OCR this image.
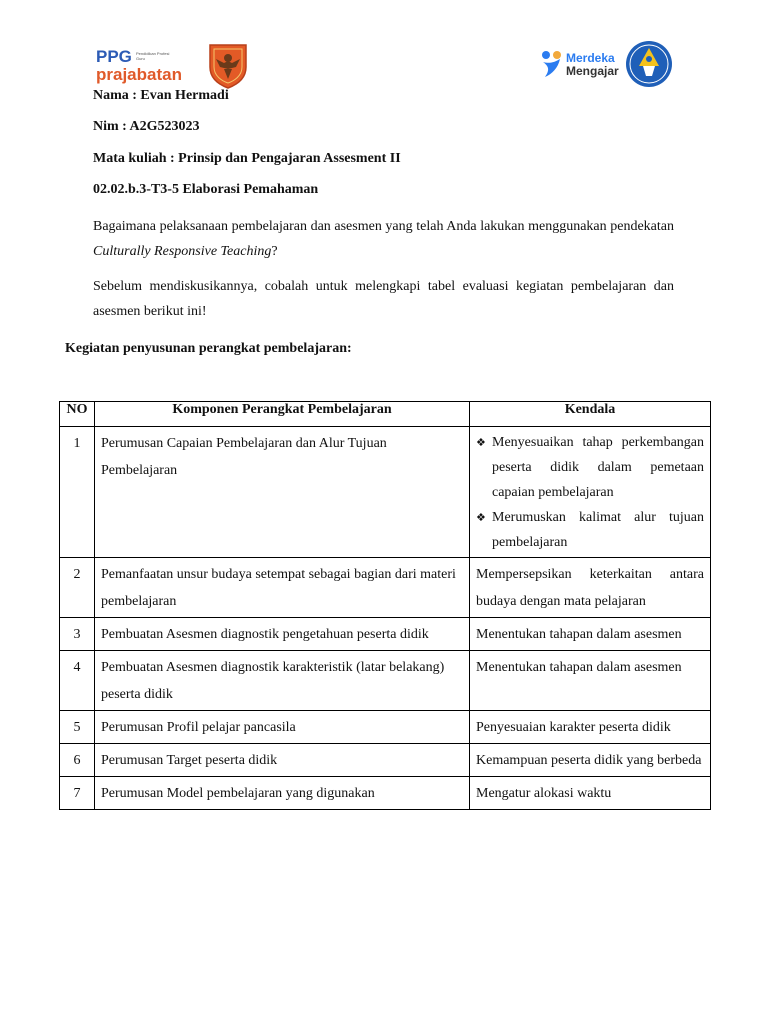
PPG	Pendidikan Profesi Guru
prajabatan
Merdeka
Mengajar
Nama : Evan Hermadi
Nim : A2G523023
Mata kuliah : Prinsip dan Pengajaran Assesment II
02.02.b.3-T3-5 Elaborasi Pemahaman
Bagaimana pelaksanaan pembelajaran dan asesmen yang telah Anda lakukan menggunakan pendekatan Culturally Responsive Teaching?
Sebelum mendiskusikannya, cobalah untuk melengkapi tabel evaluasi kegiatan pembelajaran dan asesmen berikut ini!
Kegiatan penyusunan perangkat pembelajaran:
NO	Komponen Perangkat Pembelajaran	Kendala
1	Perumusan Capaian Pembelajaran dan Alur Tujuan Pembelajaran	❖ Menyesuaikan tahap perkembangan peserta didik dalam pemetaan capaian pembelajaran
❖ Merumuskan kalimat alur tujuan pembelajaran

2	Pemanfaatan unsur budaya setempat sebagai bagian dari materi pembelajaran	Mempersepsikan keterkaitan antara budaya dengan mata pelajaran
3	Pembuatan Asesmen diagnostik pengetahuan peserta didik	Menentukan tahapan dalam asesmen
4	Pembuatan Asesmen diagnostik karakteristik (latar belakang) peserta didik	Menentukan tahapan dalam asesmen
5	Perumusan Profil pelajar pancasila	Penyesuaian karakter peserta didik
6	Perumusan Target peserta didik	Kemampuan peserta didik yang berbeda
7	Perumusan Model pembelajaran yang digunakan	Mengatur alokasi waktu
